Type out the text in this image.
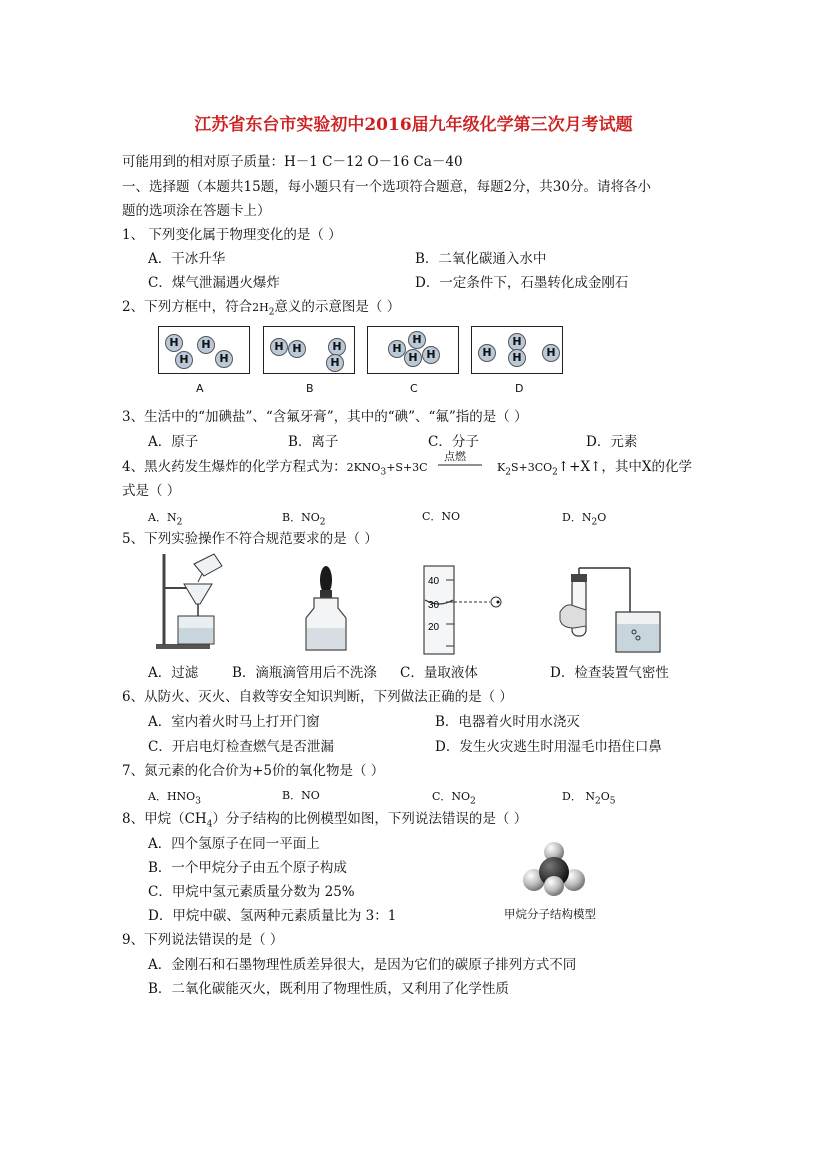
江苏省东台市实验初中2016届九年级化学第三次月考试题
可能用到的相对原子质量：H－1 C－12 O－16 Ca－40
一、选择题（本题共15题，每小题只有一个选项符合题意，每题2分，共30分。请将各小
题的选项涂在答题卡上）
1、 下列变化属于物理变化的是（ ）
A．干冰升华	B．二氧化碳通入水中
C．煤气泄漏遇火爆炸	D．一定条件下，石墨转化成金刚石
2、下列方框中，符合$2H_2$意义的示意图是（ ）
H	H
H
H
H H	H
H
H
H	H
H	H
H
H	H
A	B	C	D
3、生活中的“加碘盐”、“含氟牙膏”，其中的“碘”、“氟”指的是（ ）
A．原子	B．离子	C．分子	D．元素
4、黑火药发生爆炸的化学方程式为：$2KNO_3+S+3C$
点燃
$K_2S+3CO_2↑+X↑$，其中X的化学
式是（ ）
A．$N_2$	B．$NO_2$	C．NO	D．$N_2O$
5、下列实验操作不符合规范要求的是（ ）
40
30
20
A．过滤	B．滴瓶滴管用后不洗涤 C．量取液体	D．检查装置气密性
6、从防火、灭火、自救等安全知识判断，下列做法正确的是（ ）
A．室内着火时马上打开门窗	B．电器着火时用水浇灭
C．开启电灯检查燃气是否泄漏	D．发生火灾逃生时用湿毛巾捂住口鼻
7、氮元素的化合价为+5价的氧化物是（ ）
A．$HNO_3$	B．NO	C．$NO_2$	D． $N_2O_5$
8、甲烷$(CH_4)$分子结构的比例模型如图，下列说法错误的是（ ）
A．四个氢原子在同一平面上
B．一个甲烷分子由五个原子构成
C．甲烷中氢元素质量分数为 25%
D．甲烷中碳、氢两种元素质量比为 3：1	甲烷分子结构模型
9、下列说法错误的是（ ）
A．金刚石和石墨物理性质差异很大，是因为它们的碳原子排列方式不同
B．二氧化碳能灭火，既利用了物理性质，又利用了化学性质
